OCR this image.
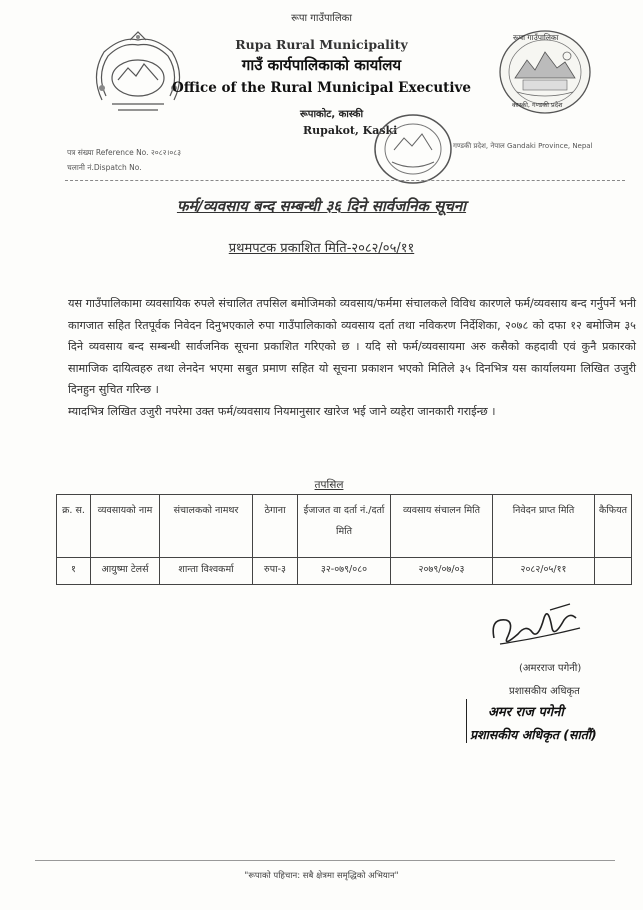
रूपा गाउँपालिका
कास्की, गण्डकी प्रदेश
रूपा गाउँपालिका
Rupa Rural Municipality
गाउँ कार्यपालिकाको कार्यालय
Office of the Rural Municipal Executive
रूपाकोट, कास्की
Rupakot, Kaski
पत्र संख्या Reference No. २०८२।०८३
चलानी नं.Dispatch No.
गण्डकी प्रदेश, नेपाल Gandaki Province, Nepal
फर्म/व्यवसाय बन्द सम्बन्धी ३६ दिने सार्वजनिक सूचना
प्रथमपटक प्रकाशित मिति-२०८२/०५/११

यस गाउँपालिकामा व्यवसायिक रुपले संचालित तपसिल बमोजिमको व्यवसाय/फर्ममा संचालकले विविध कारणले फर्म/व्यवसाय बन्द गर्नुपर्ने भनी कागजात सहित रितपूर्वक निवेदन दिनुभएकाले रुपा गाउँपालिकाको व्यवसाय दर्ता तथा नविकरण निर्देशिका, २०७८ को दफा १२ बमोजिम ३५ दिने व्यवसाय बन्द सम्बन्धी सार्वजनिक सूचना प्रकाशित गरिएको छ । यदि सो फर्म/व्यवसायमा अरु कसैको कहदावी एवं कुनै प्रकारको सामाजिक दायित्वहरु तथा लेनदेन भएमा सबुत प्रमाण सहित यो सूचना प्रकाशन भएको मितिले ३५ दिनभित्र यस कार्यालयमा लिखित उजुरी दिनहुन सुचित गरिन्छ ।

म्यादभित्र लिखित उजुरी नपरेमा उक्त फर्म/व्यवसाय नियमानुसार खारेज भई जाने व्यहेरा जानकारी गराईन्छ ।

तपसिल
क्र. स.	व्यवसायको नाम	संचालकको नामथर	ठेगाना	ईजाजत वा दर्ता नं./दर्ता मिति	व्यवसाय संचालन मिति	निवेदन प्राप्त मिति	कैफियत
१	आयुष्मा टेलर्स	शान्ता विश्वकर्मा	रुपा-३	३२-०७९/०८०	२०७९/०७/०३	२०८२/०५/११	
(अमरराज पगेनी)
प्रशासकीय अधिकृत
अमर राज पगेनी
प्रशासकीय अधिकृत (सातौं)
"रूपाको पहिचान: सबै क्षेत्रमा समृद्धिको अभियान"
